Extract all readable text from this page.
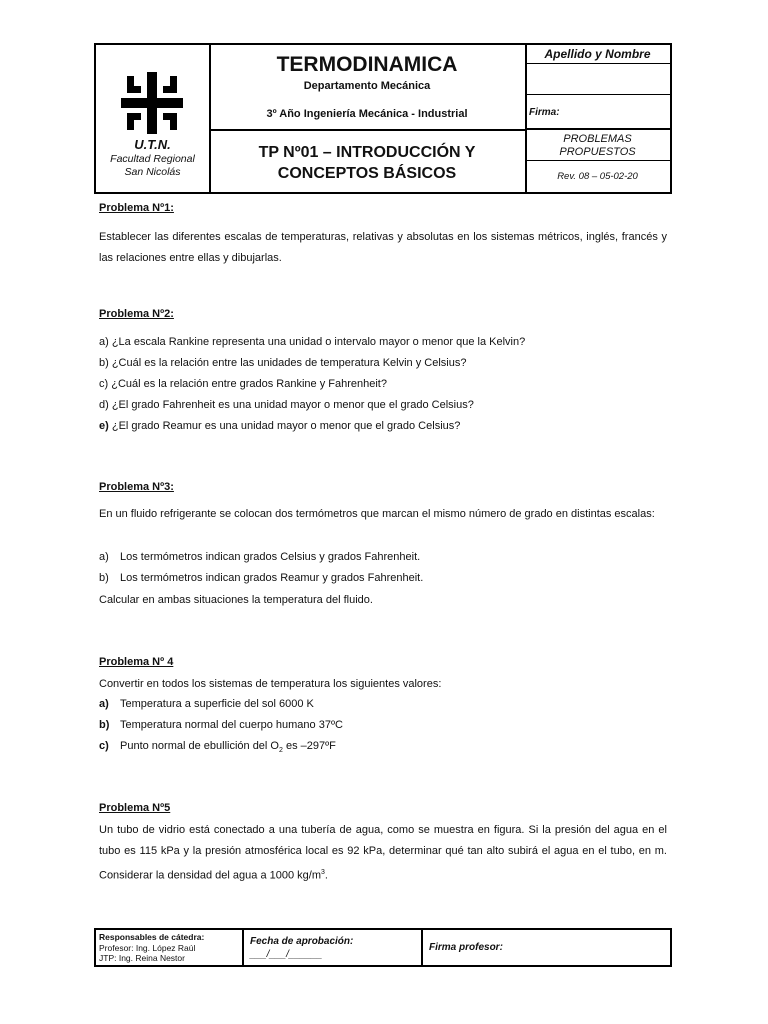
U.T.N.
Facultad Regional
San Nicolás
TERMODINAMICA
Departamento Mecánica
3º Año Ingeniería Mecánica - Industrial
TP Nº01 – INTRODUCCIÓN Y
CONCEPTOS BÁSICOS
Apellido y Nombre
Firma:
PROBLEMAS
PROPUESTOS
Rev. 08 – 05-02-20
Problema Nº1:
Establecer las diferentes escalas de temperaturas, relativas y absolutas en los sistemas métricos, inglés, francés y las relaciones entre ellas y dibujarlas.
Problema Nº2:
a) ¿La escala Rankine representa una unidad o intervalo mayor o menor que la Kelvin?
b) ¿Cuál es la relación entre las unidades de temperatura Kelvin y Celsius?
c) ¿Cuál es la relación entre grados Rankine y Fahrenheit?
d) ¿El grado Fahrenheit es una unidad mayor o menor que el grado Celsius?
e) ¿El grado Reamur es una unidad mayor o menor que el grado Celsius?
Problema Nº3:
En un fluido refrigerante se colocan dos termómetros que marcan el mismo número de grado en distintas escalas:
a) Los termómetros indican grados Celsius y grados Fahrenheit.
b) Los termómetros indican grados Reamur y grados Fahrenheit.
Calcular en ambas situaciones la temperatura del fluido.
Problema Nº 4
Convertir en todos los sistemas de temperatura los siguientes valores:
a) Temperatura a superficie del sol 6000 K
b) Temperatura normal del cuerpo humano 37ºC
c) Punto normal de ebullición del $O_2$ es –297ºF
Problema Nº5
Un tubo de vidrio está conectado a una tubería de agua, como se muestra en figura. Si la presión del agua en el tubo es 115 kPa y la presión atmosférica local es 92 kPa, determinar qué tan alto subirá el agua en el tubo, en m. Considerar la densidad del agua a 1000 $kg/m^3$.
Responsables de cátedra:
Profesor: Ing. López Raúl
JTP: Ing. Reina Nestor
Fecha de aprobación:
___/___/______
Firma profesor:
